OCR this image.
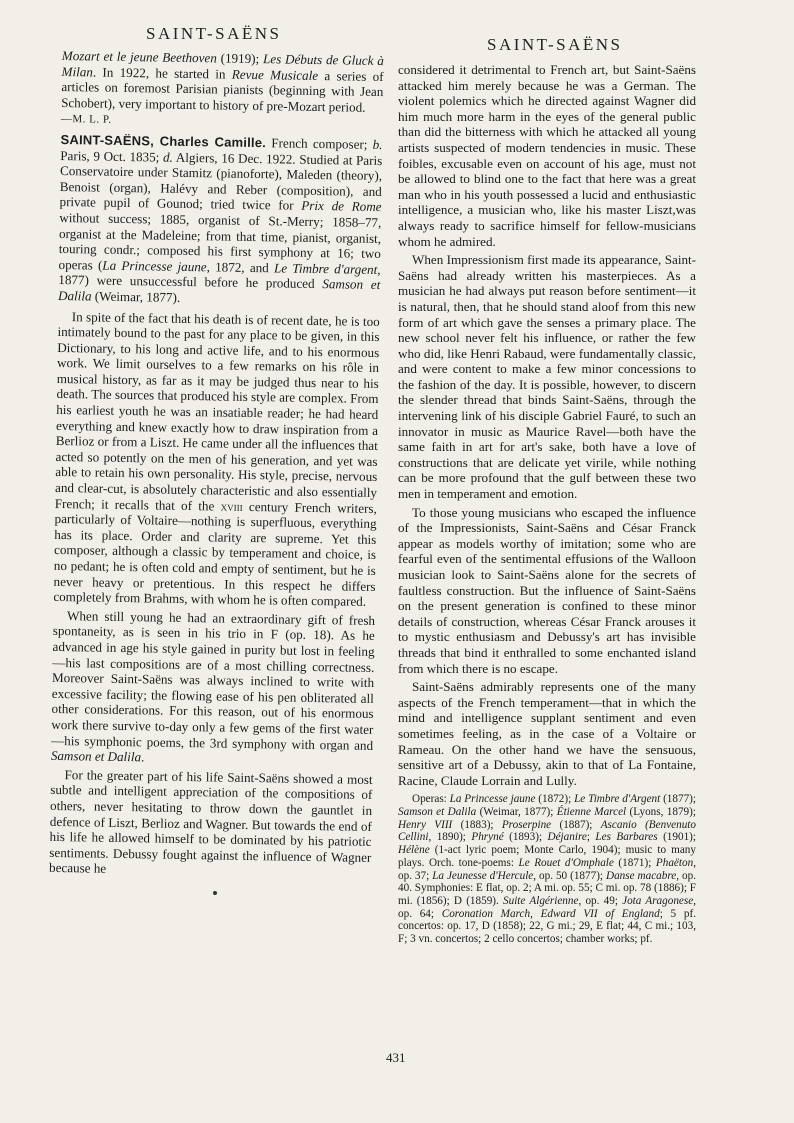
SAINT-SAËNS
SAINT-SAËNS

Mozart et le jeune Beethoven (1919); Les Débuts de Gluck à Milan. In 1922, he started in Revue Musicale a series of articles on foremost Parisian pianists (beginning with Jean Schobert), very important to history of pre-Mozart period.
—M. L. P.

SAINT-SAËNS, Charles Camille. French composer; b. Paris, 9 Oct. 1835; d. Algiers, 16 Dec. 1922. Studied at Paris Conservatoire under Stamitz (pianoforte), Maleden (theory), Benoist (organ), Halévy and Reber (composition), and private pupil of Gounod; tried twice for Prix de Rome without success; 1885, organist of St.-Merry; 1858–77, organist at the Madeleine; from that time, pianist, organist, touring condr.; composed his first symphony at 16; two operas (La Princesse jaune, 1872, and Le Timbre d'argent, 1877) were unsuccessful before he produced Samson et Dalila (Weimar, 1877).

In spite of the fact that his death is of recent date, he is too intimately bound to the past for any place to be given, in this Dictionary, to his long and active life, and to his enormous work. We limit ourselves to a few remarks on his rôle in musical history, as far as it may be judged thus near to his death. The sources that produced his style are complex. From his earliest youth he was an insatiable reader; he had heard everything and knew exactly how to draw inspiration from a Berlioz or from a Liszt. He came under all the influences that acted so potently on the men of his generation, and yet was able to retain his own personality. His style, precise, nervous and clear-cut, is absolutely characteristic and also essentially French; it recalls that of the xviii century French writers, particularly of Voltaire—nothing is superfluous, everything has its place. Order and clarity are supreme. Yet this composer, although a classic by temperament and choice, is no pedant; he is often cold and empty of sentiment, but he is never heavy or pretentious. In this respect he differs completely from Brahms, with whom he is often compared.

When still young he had an extraordinary gift of fresh spontaneity, as is seen in his trio in F (op. 18). As he advanced in age his style gained in purity but lost in feeling—his last compositions are of a most chilling correctness. Moreover Saint-Saëns was always inclined to write with excessive facility; the flowing ease of his pen obliterated all other considerations. For this reason, out of his enormous work there survive to-day only a few gems of the first water—his symphonic poems, the 3rd symphony with organ and Samson et Dalila.

For the greater part of his life Saint-Saëns showed a most subtle and intelligent appreciation of the compositions of others, never hesitating to throw down the gauntlet in defence of Liszt, Berlioz and Wagner. But towards the end of his life he allowed himself to be dominated by his patriotic sentiments. Debussy fought against the influence of Wagner because he

considered it detrimental to French art, but Saint-Saëns attacked him merely because he was a German. The violent polemics which he directed against Wagner did him much more harm in the eyes of the general public than did the bitterness with which he attacked all young artists suspected of modern tendencies in music. These foibles, excusable even on account of his age, must not be allowed to blind one to the fact that here was a great man who in his youth possessed a lucid and enthusiastic intelligence, a musician who, like his master Liszt,was always ready to sacrifice himself for fellow-musicians whom he admired.

When Impressionism first made its appearance, Saint-Saëns had already written his masterpieces. As a musician he had always put reason before sentiment—it is natural, then, that he should stand aloof from this new form of art which gave the senses a primary place. The new school never felt his influence, or rather the few who did, like Henri Rabaud, were fundamentally classic, and were content to make a few minor concessions to the fashion of the day. It is possible, however, to discern the slender thread that binds Saint-Saëns, through the intervening link of his disciple Gabriel Fauré, to such an innovator in music as Maurice Ravel—both have the same faith in art for art's sake, both have a love of constructions that are delicate yet virile, while nothing can be more profound that the gulf between these two men in temperament and emotion.

To those young musicians who escaped the influence of the Impressionists, Saint-Saëns and César Franck appear as models worthy of imitation; some who are fearful even of the sentimental effusions of the Walloon musician look to Saint-Saëns alone for the secrets of faultless construction. But the influence of Saint-Saëns on the present generation is confined to these minor details of construction, whereas César Franck arouses it to mystic enthusiasm and Debussy's art has invisible threads that bind it enthralled to some enchanted island from which there is no escape.

Saint-Saëns admirably represents one of the many aspects of the French temperament—that in which the mind and intelligence supplant sentiment and even sometimes feeling, as in the case of a Voltaire or Rameau. On the other hand we have the sensuous, sensitive art of a Debussy, akin to that of La Fontaine, Racine, Claude Lorrain and Lully.

Operas: La Princesse jaune (1872); Le Timbre d'Argent (1877); Samson et Dalila (Weimar, 1877); Étienne Marcel (Lyons, 1879); Henry VIII (1883); Proserpine (1887); Ascanio (Benvenuto Cellini, 1890); Phryné (1893); Déjanire; Les Barbares (1901); Hélène (1-act lyric poem; Monte Carlo, 1904); music to many plays. Orch. tone-poems: Le Rouet d'Omphale (1871); Phaëton, op. 37; La Jeunesse d'Hercule, op. 50 (1877); Danse macabre, op. 40. Symphonies: E flat, op. 2; A mi. op. 55; C mi. op. 78 (1886); F mi. (1856); D (1859). Suite Algérienne, op. 49; Jota Aragonese, op. 64; Coronation March, Edward VII of England; 5 pf. concertos: op. 17, D (1858); 22, G mi.; 29, E flat; 44, C mi.; 103, F; 3 vn. concertos; 2 cello concertos; chamber works; pf.

431
